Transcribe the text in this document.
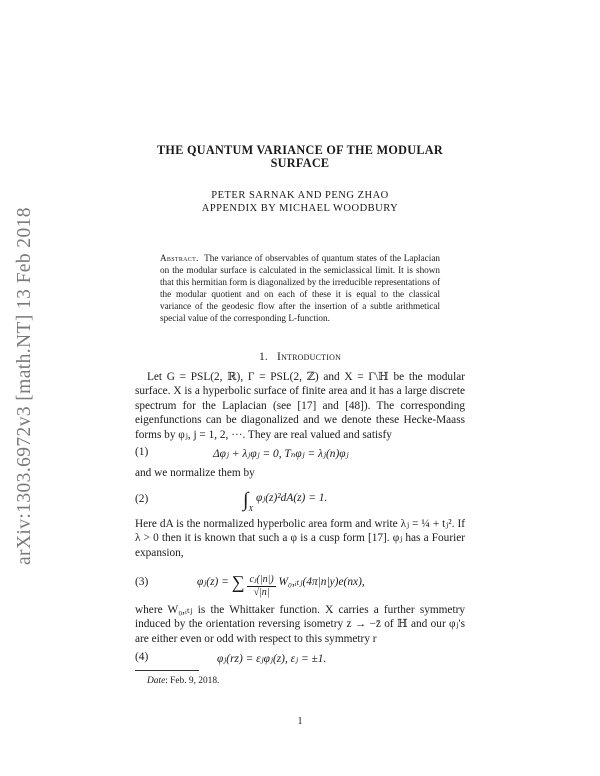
arXiv:1303.6972v3 [math.NT] 13 Feb 2018
THE QUANTUM VARIANCE OF THE MODULAR
SURFACE
PETER SARNAK AND PENG ZHAO
APPENDIX BY MICHAEL WOODBURY
Abstract. The variance of observables of quantum states of the Laplacian on the modular surface is calculated in the semiclassical limit. It is shown that this hermitian form is diagonalized by the irreducible representations of the modular quotient and on each of these it is equal to the classical variance of the geodesic flow after the insertion of a subtle arithmetical special value of the corresponding L-function.
1. Introduction
Let G = PSL(2, ℝ), Γ = PSL(2, ℤ) and X = Γ\ℍ be the modular surface. X is a hyperbolic surface of finite area and it has a large discrete spectrum for the Laplacian (see [17] and [48]). The corresponding eigenfunctions can be diagonalized and we denote these Hecke-Maass forms by φⱼ, j = 1, 2, ···. They are real valued and satisfy
(1)	Δφⱼ + λⱼφⱼ = 0, Tₙφⱼ = λⱼ(n)φⱼ
and we normalize them by
(2)	$\int_X$ φⱼ(z)²dA(z) = 1.
Here dA is the normalized hyperbolic area form and write λⱼ = ¼ + tⱼ². If λ > 0 then it is known that such a φ is a cusp form [17]. φⱼ has a Fourier expansion,
(3)	φⱼ(z) = ∑ $\frac{\text{cⱼ(|n|)}}{√|n|}$ W₀,ᵢₜⱼ(4π|n|y)e(nx),
where W₀,ᵢₜⱼ is the Whittaker function. X carries a further symmetry induced by the orientation reversing isometry z → −z̄ of ℍ and our φⱼ's are either even or odd with respect to this symmetry r
(4)	φⱼ(rz) = εⱼφⱼ(z), εⱼ = ±1.
Date: Feb. 9, 2018.
1
